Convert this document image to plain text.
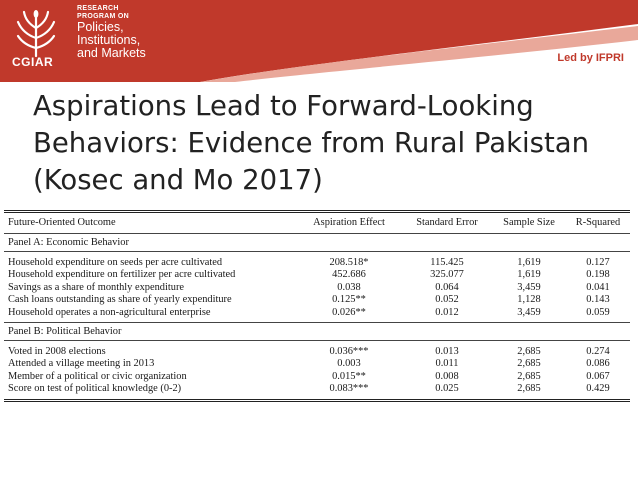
CGIAR
RESEARCH
PROGRAM ON
Policies,
Institutions,
and Markets	Led by IFPRI
Aspirations Lead to Forward-Looking
Behaviors: Evidence from Rural Pakistan
(Kosec and Mo 2017)
Future-Oriented Outcome	Aspiration Effect	Standard Error	Sample Size	R-Squared
Panel A: Economic Behavior
Household expenditure on seeds per acre cultivated	208.518*	115.425	1,619	0.127
Household expenditure on fertilizer per acre cultivated	452.686	325.077	1,619	0.198
Savings as a share of monthly expenditure	0.038	0.064	3,459	0.041
Cash loans outstanding as share of yearly expenditure	0.125**	0.052	1,128	0.143
Household operates a non-agricultural enterprise	0.026**	0.012	3,459	0.059
Panel B: Political Behavior
Voted in 2008 elections	0.036***	0.013	2,685	0.274
Attended a village meeting in 2013	0.003	0.011	2,685	0.086
Member of a political or civic organization	0.015**	0.008	2,685	0.067
Score on test of political knowledge (0-2)	0.083***	0.025	2,685	0.429
